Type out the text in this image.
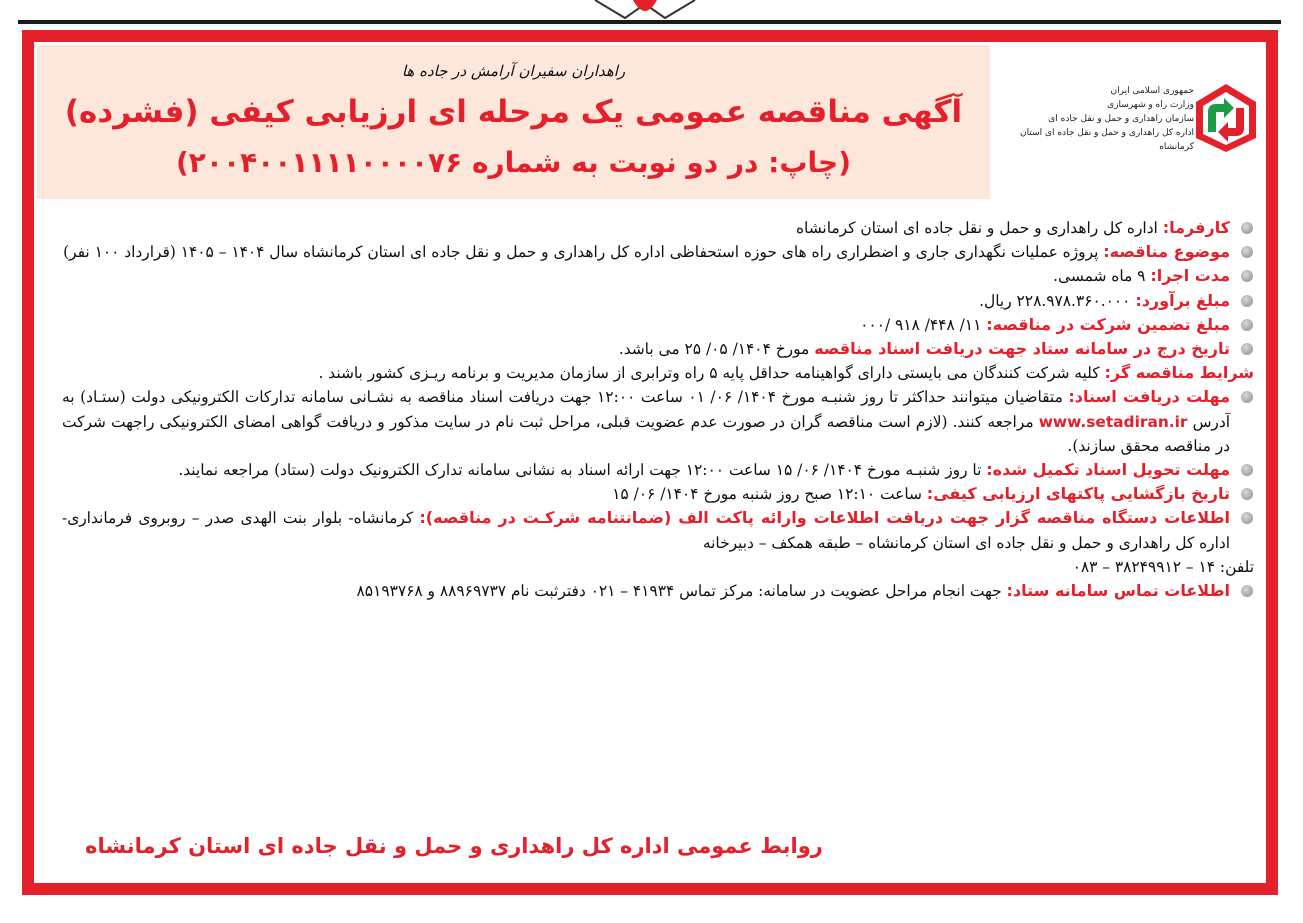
راهداران سفیران آرامش در جاده ها
آگهی مناقصه عمومی یک مرحله ای ارزیابی کیفی (فشرده)
(چاپ: در دو نوبت به شماره ۲۰۰۴۰۰۱۱۱۱۰۰۰۰۷۶)
جمهوری اسلامی ایران
وزارت راه و شهرسازی
سازمان راهداری و حمل و نقل جاده ای
اداره کل راهداری و حمل و نقل جاده ای استان کرمانشاه
کارفرما: اداره کل راهداری و حمل و نقل جاده ای استان کرمانشاه
موضوع مناقصه: پروژه عملیات نگهداری جاری و اضطراری راه های حوزه استحفاظی اداره کل راهداری و حمل و نقل جاده ای استان کرمانشاه سال ۱۴۰۴ – ۱۴۰۵ (قرارداد ۱۰۰ نفر)
مدت اجرا: ۹ ماه شمسی.
مبلغ برآورد: ۲۲۸.۹۷۸.۳۶۰.۰۰۰ ریال.
مبلغ تضمین شرکت در مناقصه: ۱۱/ ۴۴۸/ ۹۱۸ /۰۰۰
تاریخ درج در سامانه ستاد جهت دریافت اسناد مناقصه مورخ ۱۴۰۴/ ۰۵/ ۲۵ می باشد.
شرایط مناقصه گر: کلیه شرکت کنندگان می بایستی دارای گواهینامه حداقل پایه ۵ راه وترابری از سازمان مدیریت و برنامه ریـزی کشور باشند .
مهلت دریافت اسناد: متقاضیان میتوانند حداکثر تا روز شنبـه مورخ ۱۴۰۴/ ۰۶/ ۰۱ ساعت ۱۲:۰۰ جهت دریافت اسناد مناقصه به نشـانی سامانه تدارکات الکترونیکی دولت (ستـاد) به آدرس www.setadiran.ir مراجعه کنند. (لازم است مناقصه گران در صورت عدم عضویت قبلی، مراحل ثبت نام در سایت مذکور و دریافت گواهی امضای الکترونیکی راجهت شرکت در مناقصه محقق سازند).
مهلت تحویل اسناد تکمیل شده: تا روز شنبـه مورخ ۱۴۰۴/ ۰۶/ ۱۵ ساعت ۱۲:۰۰ جهت ارائه اسناد به نشانی سامانه تدارک الکترونیک دولت (ستاد) مراجعه نمایند.
تاریخ بازگشایی پاکتهای ارزیابی کیفی: ساعت ۱۲:۱۰ صبح روز شنبه مورخ ۱۴۰۴/ ۰۶/ ۱۵
اطلاعات دستگاه مناقصه گزار جهت دریافت اطلاعات وارائه پاکت الف (ضمانتنامه شرکـت در مناقصه): کرمانشاه- بلوار بنت الهدی صدر – روبروی فرمانداری- اداره کل راهداری و حمل و نقل جاده ای استان کرمانشاه – طبقه همکف – دبیرخانه
تلفن: ۱۴ – ۳۸۲۴۹۹۱۲ – ۰۸۳
اطلاعات تماس سامانه ستاد: جهت انجام مراحل عضویت در سامانه: مرکز تماس ۴۱۹۳۴ – ۰۲۱ دفترثبت نام ۸۸۹۶۹۷۳۷ و ۸۵۱۹۳۷۶۸
روابط عمومی اداره کل راهداری و حمل و نقل جاده ای استان کرمانشاه
